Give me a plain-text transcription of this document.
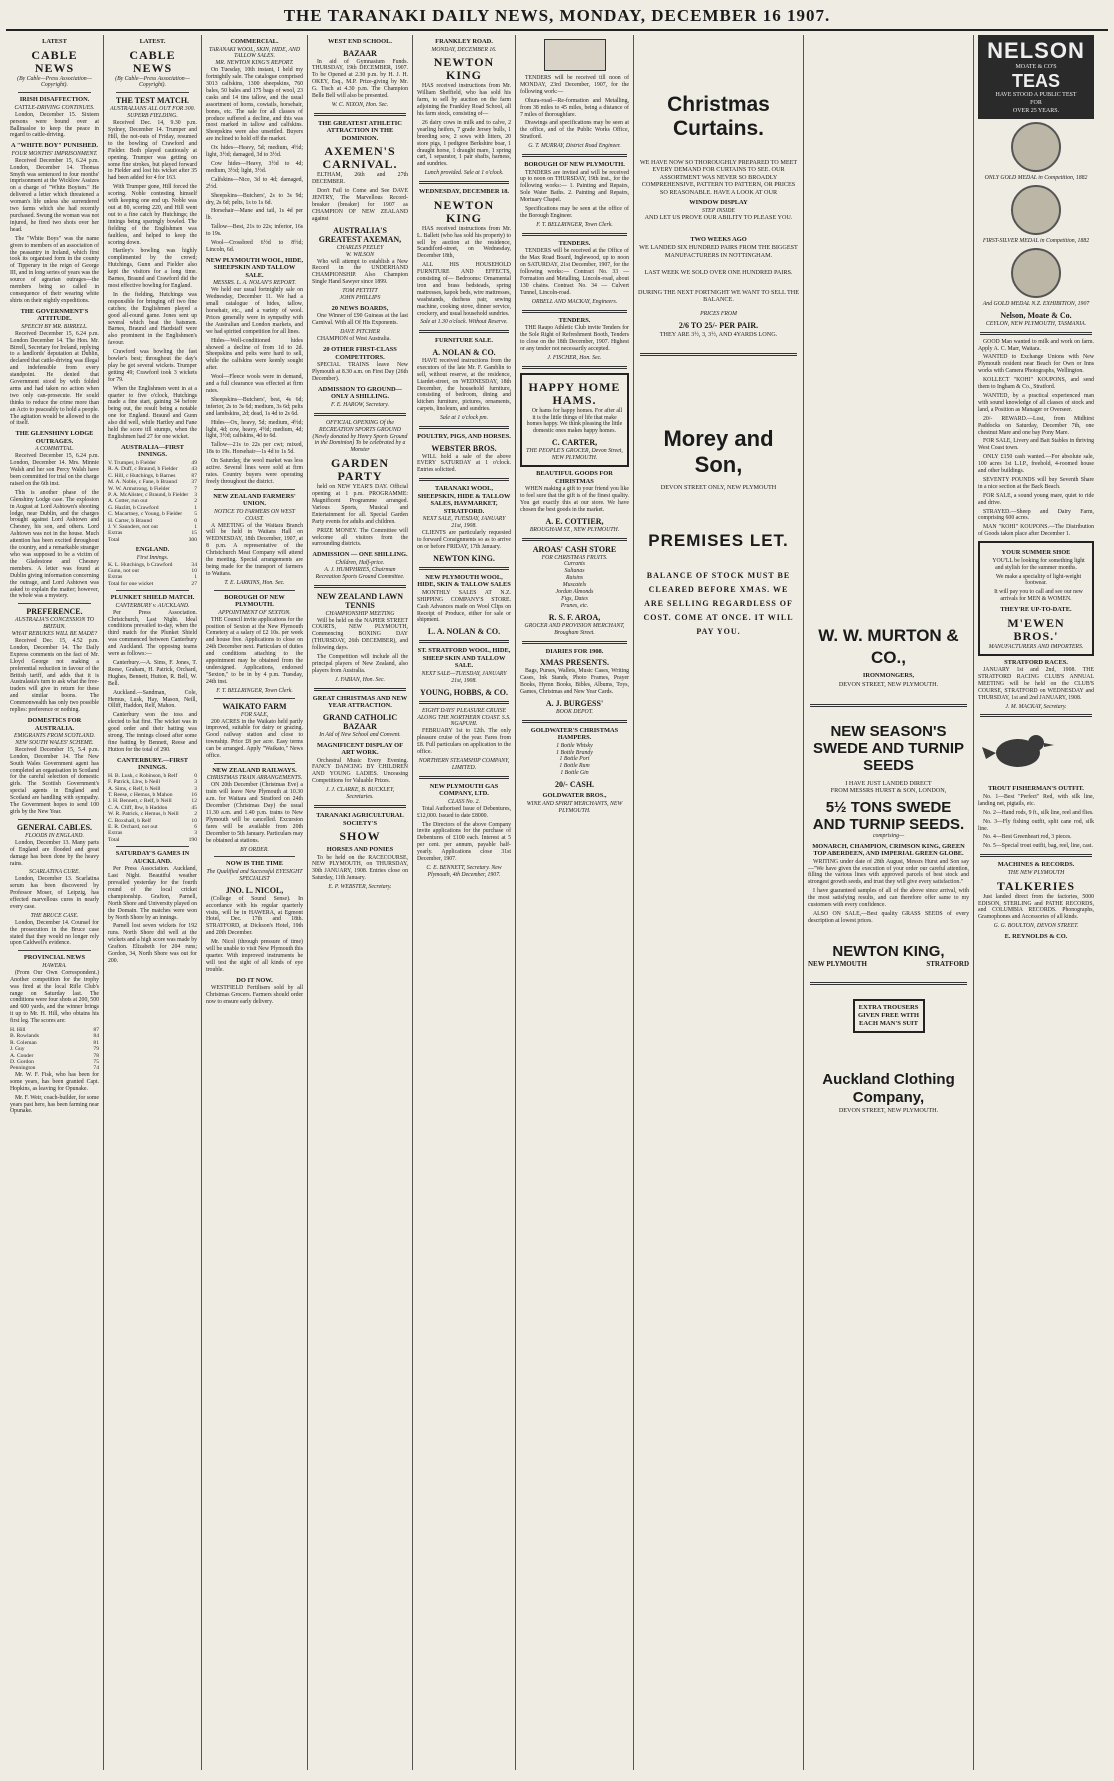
THE TARANAKI DAILY NEWS, MONDAY, DECEMBER 16 1907.
LATEST
CABLE NEWS
(By Cable—Press Association—Copyright).
IRISH DISAFFECTION.
CATTLE-DRIVING CONTINUES.

London, December 15. Sixteen persons were bound over at Ballinasloe to keep the peace in regard to cattle-driving.

A "WHITE BOY" PUNISHED.
FOUR MONTHS' IMPRISONMENT.

Received December 15, 6.24 p.m. London, December 14. Thomas Smyth was sentenced to four months' imprisonment at the Wicklow Assizes on a charge of "White Boyism." He delivered a letter which threatened a woman's life unless she surrendered two farms which she had recently purchased. Swung the woman was not injured, he fired two shots over her head.

The "White Boys" was the name given to members of an association of the peasantry in Ireland, which first took its organised form in the county of Tipperary in the reign of George III, and in long series of years was the source of agrarian outrages—the members being so called in consequence of their wearing white shirts on their nightly expeditions.

THE GOVERNMENT'S ATTITUDE.
SPEECH BY MR. BIRRELL.

Received December 15, 6.24 p.m. London December 14. The Hon. Mr. Birrell, Secretary for Ireland, replying to a landlords' deputation at Dublin, declared that cattle-driving was illegal and indefensible from every standpoint. He denied that Government stood by with folded arms and had taken no action when two only can-prosecute. He sould thinks to reduce the crime more than an Acto to peaceably to hold a people. The agitation would be allowed to die of itself.

THE GLENSHINY LODGE OUTRAGES.
A COMMITTAL.

Received December 15, 6.24 p.m. London, December 14. Mrs. Minnie Walsh and her son Percy Walsh have been committed for trial on the charge raised on the 6th inst.

This is another phase of the Glenshiny Lodge case. The explosion in August at Lord Ashtown's shooting lodge, near Dublin, and the charges brought against Lord Ashtown and Chesney, his son, and others. Lord Ashtown was not in the house. Much attention has been excited throughout the country, and a remarkable stranger who was supposed to be a victim of the Gladestone and Chesney members. A letter was found at Dublin giving information concerning the outrage, and Lord Ashtown was asked to explain the matter; however, the whole was a mystery.

PREFERENCE.
AUSTRALIA'S CONCESSION TO BRITAIN.
WHAT REBUKES WILL BE MADE?

Received Dec. 15, 4.52 p.m. London, December 14. The Daily Express comments on the fact of Mr. Lloyd George not making a preferential reduction in favour of the British tariff, and adds that it is Australasia's turn to ask what the free-traders will give in return for these and similar boons. The Commonwealth has only two possible replies: preference or nothing.

DOMESTICS FOR AUSTRALIA.
EMIGRANTS FROM SCOTLAND.
NEW SOUTH WALES' SCHEME.

Received December 15, 5.4 p.m. London, December 14. The New South Wales Government agent has completed an organisation in Scotland for the careful selection of domestic girls. The Scottish Government's special agents in England and Scotland are handling with sympathy. The Government hopes to send 100 girls by the New Year.

GENERAL CABLES.
FLOODS IN ENGLAND.

London, December 13. Many parts of England are flooded and great damage has been done by the heavy rains.

SCARLATINA CURE.

London, December 13. Scarlatina serum has been discovered by Professor Moser, of Leipzig, has effected marvellous cures in nearly every case.

THE BRUCE CASE.

London, December 14. Counsel for the prosecution in the Bruce case stated that they would no longer rely upon Caldwell's evidence.

PROVINCIAL NEWS
HAWERA.

(From Our Own Correspondent.) Another competition for the trophy was fired at the local Rifle Club's range on Saturday last. The conditions were four shots at 200, 500 and 600 yards, and the winner brings it up to Mr. H. Hill, who obtains his first leg. The scores are:

H. Hill	87
B. Rowlands	84
R. Coleman	81
J. Guy	79
A. Conder	78
D. Gordon	75
Pennington	74

Mr. W. F. Fisk, who has been for some years, has been granted Capt. Hopkins, as leaving for Opunake.

Mr. F. Weir, coach-builder, for some years past here, has been farming near Opunake.

LATEST.
CABLE NEWS
(By Cable—Press Association—Copyright).
THE TEST MATCH.
AUSTRALIANS ALL OUT FOR 300.
SUPERB FIELDING.

Received Dec. 14, 9.30 p.m. Sydney, December 14. Trumper and Hill, the not-outs of Friday, resumed to the bowling of Crawford and Fielder. Both played cautiously at opening. Trumper was getting on some fine strokes, but played forward to Fielder and lost his wicket after 35 had been added for 4 for 163.

With Trumper gone, Hill forced the scoring. Noble contesting himself with keeping one end up. Noble was out at 80, scoring 220, and Hill went out to a fine catch by Hutchings; the innings being sparingly bowled. The fielding of the Englishmen was faultless, and helped to keep the scoring down.

Hartley's bowling was highly complimented by the crowd; Hutchings, Gunn and Fielder also kept the visitors for a long time. Barnes, Braund and Crawford did the most effective bowling for England.

In the fielding, Hutchings was responsible for bringing off two fine catches; the Englishmen played a good all-round game. Jones sent up several which beat the batsmen. Barnes, Braund and Hardstaff were also prominent in the Englishmen's favour.

Crawford was bowling the fast bowler's best; throughout the day's play he got several wickets. Trumper getting 49; Crawford took 3 wickets for 79.

When the Englishmen went in at a quarter to five o'clock, Hutchings made a fine start, gaining 34 before being out, the result being a notable one for England. Braund and Gunn also did well, while Hartley and Fane held the score till stumps, when the Englishmen had 27 for one wicket.

AUSTRALIA—FIRST INNINGS.
V. Trumper, b Fielder	49
R. A. Duff, c Braund, b Fielder	43
C. Hill, c Hutchings, b Barnes	87
M. A. Noble, c Fane, b Braund	37
W. W. Armstrong, b Fielder	7
P. A. McAlister, c Braund, b Fielder	3
A. Cotter, run out	2
G. Hazlitt, b Crawford	1
C. Macartney, c Young, b Fielder	5
H. Carter, b Braund	0
J. V. Saunders, not out	1
Extras	15
Total	300
ENGLAND.
First Innings.
K. L. Hutchings, b Crawford	34
Gunn, not out	10
Extras	1
Total for one wicket	27
PLUNKET SHIELD MATCH.
CANTERBURY v. AUCKLAND.

Per Press Association. Christchurch, Last Night. Ideal conditions prevailed to-day, when the third match for the Plunket Shield was commenced between Canterbury and Auckland. The opposing teams were as follows:—

Canterbury.—A. Sims, F. Jones, T. Reese, Graham, H. Patrick, Orchard, Hughes, Bennett, Hutton, R. Bell, W. Bell.

Auckland.—Sandman, Cole, Hemus, Lusk, Hay, Mason, Neill, Olliff, Haddon, Relf, Mahon.

Canterbury won the toss and elected to bat first. The wicket was in good order and their batting was strong. The innings closed after some fine batting by Bennett, Reese and Hutton for the total of 290.

CANTERBURY.—FIRST INNINGS.
H. B. Lusk, c Robinson, b Relf	0
F. Patrick, Lbw, b Neill	3
A. Sims, c Relf, b Neill	3
T. Reese, c Hemus, b Mahon	16
J. H. Bennett, c Relf, b Neill	12
C. A. Cliff, Ibw, b Haddon	45
W. R. Patrick, c Hemus, b Neill	2
C. Boxshall, b Relf	10
E. R. Orchard, not out	6
Extras	3
Total	190
SATURDAY'S GAMES IN AUCKLAND.

Per Press Association. Auckland, Last Night. Beautiful weather prevailed yesterday for the fourth round of the local cricket championship. Grafton, Parnell, North Shore and University played on the Domain. The matches were won by North Shore by an innings.

Parnell lost seven wickets for 192 runs. North Shore did well at the wickets and a high score was made by Grafton. Elizabeth for 204 runs; Gordon, 34, North Shore was out for 200.

COMMERCIAL.
TARANAKI WOOL, SKIN, HIDE, AND TALLOW SALES.
MR. NEWTON KING'S REPORT.

On Tuesday, 10th instant, I held my fortnightly sale. The catalogue comprised 3013 calfskins, 1300 sheepskins, 760 bales, 50 bales and 175 bags of wool, 23 casks and 14 tins tallow, and the usual assortment of horns, cowtails, horsehair, bones, etc. The sale for all classes of produce suffered a decline, and this was most marked in tallow and calfskins. Sheepskins were also unsettled. Buyers are inclined to hold off the market.

Ox hides—Heavy, 5d; medium, 4½d; light, 3½d; damaged, 3d to 3½d.

Cow hides—Heavy, 3½d to 4d; medium, 3½d; light, 3½d.

Calfskins—Nice, 3d to 4d; damaged, 2½d.

Sheepskins—Butchers', 2s to 3s 9d; dry, 2s 6d; pelts, 1s to 1s 6d.

Horsehair—Mane and tail, 1s 4d per lb.

Tallow—Best, 21s to 22s; inferior, 16s to 19s.

Wool—Crossbred 6½d to 8½d; Lincoln, 6d.

NEW PLYMOUTH WOOL, HIDE, SHEEPSKIN AND TALLOW SALE.
MESSRS. L. A. NOLAN'S REPORT.

We held our usual fortnightly sale on Wednesday, December 11. We had a small catalogue of hides, tallow, horsehair, etc., and a variety of wool. Prices generally were in sympathy with the Australian and London markets, and we had spirited competition for all lines.

Hides—Well-conditioned hides showed a decline of from 1d to 2d. Sheepskins and pelts were hard to sell, while the calfskins were keenly sought after.

Wool—Fleece wools were in demand, and a full clearance was effected at firm rates.

Sheepskins—Butchers', best, 4s 6d; inferior, 2s to 3s 6d; medium, 3s 6d; pelts and lambskins, 2d; dead, 1s 4d to 2s 6d.

Hides—Ox, heavy, 5d; medium, 4½d; light, 4d; cow, heavy, 4½d; medium, 4d; light, 3½d; calfskins, 4d to 6d.

Tallow—21s to 22s per cwt; mixed, 18s to 19s. Horsehair—1s 4d to 1s 5d.

On Saturday, the wool market was less active. Several lines were sold at firm rates. Country buyers were operating freely throughout the district.

NEW ZEALAND FARMERS' UNION.
NOTICE TO FARMERS ON WEST COAST.

A MEETING of the Waitara Branch will be held in Waitara Hall on WEDNESDAY, 18th December, 1907, at 8 p.m. A representative of the Christchurch Meat Company will attend the meeting. Special arrangements are being made for the transport of farmers to Waitara.

T. E. LARKINS, Hon. Sec.
BOROUGH OF NEW PLYMOUTH.
APPOINTMENT OF SEXTON.

THE Council invite applications for the position of Sexton at the New Plymouth Cemetery at a salary of £2 10s. per week and house free. Applications to close on 24th December next. Particulars of duties and conditions attaching to the appointment may be obtained from the undersigned. Applications, endorsed "Sexton," to be in by 4 p.m. Tuesday, 24th inst.

F. T. BELLRINGER, Town Clerk.
WAIKATO FARM
FOR SALE,

200 ACRES in the Waikato held partly improved, suitable for dairy or grazing. Good railway station and close to township. Price £8 per acre. Easy terms can be arranged. Apply "Waikato," News office.

NEW ZEALAND RAILWAYS.
CHRISTMAS TRAIN ARRANGEMENTS.

ON 20th December (Christmas Eve) a train will leave New Plymouth at 10.30 a.m. for Waitara and Stratford on 24th December (Christmas Day) the usual 11.30 a.m. and 1.40 p.m. trains to New Plymouth will be cancelled. Excursion fares will be available from 20th December to 5th January. Particulars may be obtained at stations.

BY ORDER.
NOW IS THE TIME
The Qualified and Successful EYESIGHT SPECIALIST
JNO. L. NICOL,

(College of Sound Sense). In accordance with his regular quarterly visits, will be in HAWERA, at Egmont Hotel, Dec. 17th and 18th. STRATFORD, at Dickson's Hotel, 19th and 20th December.

Mr. Nicol (through pressure of time) will be unable to visit New Plymouth this quarter. With improved instruments he will test the sight of all kinds of eye trouble.

DO IT NOW.

WESTFIELD Fertilisers sold by all Christmas Grocers. Farmers should order now to ensure early delivery.

WEST END SCHOOL.
BAZAAR

In aid of Gymnasium Funds. THURSDAY, 19th DECEMBER, 1907. To be Opened at 2.30 p.m. by H. J. H. OKEY, Esq., M.P. Prize-giving by Mr. G. Tisch at 4.30 p.m. The Champion Belle Bell will also be presented.

W. C. NIXON, Hon. Sec.
THE GREATEST ATHLETIC ATTRACTION IN THE DOMINION.
AXEMEN'S CARNIVAL.

ELTHAM, 26th and 27th DECEMBER.

Don't Fail to Come and See DAVE JENTRY, The Marvellous Record-breaker (breaker) for 1907 as CHAMPION OF NEW ZEALAND against

AUSTRALIA'S GREATEST AXEMAN,
CHARLES PEELEY
W. WILSON

Who will attempt to establish a New Record in the UNDERHAND CHAMPIONSHIP. Also Champion Single Hand Sawyer since 1899.

TOM PETTITT
JOHN PHILLIPS
20 NEWS BOARDS,

One Winner of £90 Guineas at the last Carnival. With all Of His Exponents.

DAVE PITCHER

CHAMPION of West Australia.

20 OTHER FIRST-CLASS COMPETITORS.

SPECIAL TRAINS leave New Plymouth at 8.30 a.m. on First Day (26th December).

ADMISSION TO GROUND—ONLY A SHILLING.
F. E. HAROW, Secretary.
OFFICIAL OPENING Of the RECREATION SPORTS GROUND (Newly donated by Henry Sports Ground in the Dominion) To be celebrated by a Monster
GARDEN PARTY

held on NEW YEAR'S DAY. Official opening at 1 p.m. PROGRAMME: Magnificent Programme arranged. Various Sports, Musical and Entertainment for all. Special Garden Party events for adults and children.

PRIZE MONEY. The Committee will welcome all visitors from the surrounding districts.

ADMISSION — ONE SHILLING.
Children, Half-price.
A. J. HUMPHRIES, Chairman Recreation Sports Ground Committee.
NEW ZEALAND LAWN TENNIS
CHAMPIONSHIP MEETING

Will be held on the NAPIER STREET COURTS, NEW PLYMOUTH, Commencing BOXING DAY (THURSDAY, 26th DECEMBER), and following days.

The Competition will include all the principal players of New Zealand, also players from Australia.

J. FABIAN, Hon. Sec.
GREAT CHRISTMAS AND NEW YEAR ATTRACTION.
GRAND CATHOLIC BAZAAR
In Aid of New School and Convent.
MAGNIFICENT DISPLAY OF ART WORK.

Orchestral Music Every Evening. FANCY DANCING BY CHILDREN AND YOUNG LADIES. Unceasing Competitions for Valuable Prizes.

J. J. CLARKE, B. BUCKLEY, Secretaries.
TARANAKI AGRICULTURAL SOCIETY'S
SHOW
HORSES AND PONIES

To be held on the RACECOURSE, NEW PLYMOUTH, on THURSDAY, 30th JANUARY, 1908. Entries close on Saturday, 11th January.

E. P. WEBSTER, Secretary.
FRANKLEY ROAD.
MONDAY, DECEMBER 16.
NEWTON KING

HAS received instructions from Mr. William Sheffield, who has sold his farm, to sell by auction on the farm adjoining the Frankley Road School, all his farm stock, consisting of—

26 dairy cows in milk and to calve, 2 yearling heifers, 7 grade Jersey bulls, 1 breeding sow, 2 sows with litters, 20 store pigs, 1 pedigree Berkshire boar, 1 draught horse, 1 draught mare, 1 spring cart, 1 separator, 1 pair shafts, harness, and sundries.

Lunch provided. Sale at 1 o'clock.
WEDNESDAY, DECEMBER 18.
NEWTON KING

HAS received instructions from Mr. L. Ballett (who has sold his property) to sell by auction at the residence, Scandiford-street, on Wednesday, December 18th,

ALL HIS HOUSEHOLD FURNITURE AND EFFECTS, consisting of— Bedrooms: Ornamental iron and brass bedsteads, spring mattresses, kapok beds, wire mattresses, washstands, duchess pair, sewing machine, cooking stove, dinner service, crockery, and usual household sundries.

Sale at 1.30 o'clock. Without Reserve.
FURNITURE SALE.
A. NOLAN & CO.

HAVE received instructions from the executors of the late Mr. F. Gamblin to sell, without reserve, at the residence, Liardet-street, on WEDNESDAY, 18th December, the household furniture, consisting of bedroom, dining and kitchen furniture, pictures, ornaments, carpets, linoleum, and sundries.

Sale at 1 o'clock pm.
POULTRY, PIGS, AND HORSES.
WEBSTER BROS.

WILL hold a sale of the above EVERY SATURDAY at 1 o'clock. Entries solicited.

TARANAKI WOOL, SHEEPSKIN, HIDE & TALLOW SALES, HAYMARKET, STRATFORD.
NEXT SALE, TUESDAY, JANUARY 21st, 1908.

CLIENTS are particularly requested to forward Consignments so as to arrive on or before FRIDAY, 17th January.

NEWTON KING.
NEW PLYMOUTH WOOL, HIDE, SKIN & TALLOW SALES

MONTHLY SALES AT N.Z. SHIPPING COMPANY'S STORE. Cash Advances made on Wool Clips on Receipt of Produce, either for sale or shipment.

L. A. NOLAN & CO.
ST. STRATFORD WOOL, HIDE, SHEEP SKIN AND TALLOW SALE.
NEXT SALE—TUESDAY, JANUARY 21st, 1908.
YOUNG, HOBBS, & CO.
EIGHT DAYS' PLEASURE CRUISE ALONG THE NORTHERN COAST. S.S. NGAPUHI.

FEBRUARY 1st to 12th. The only pleasure cruise of the year. Fares from £8. Full particulars on application to the office.

NORTHERN STEAMSHIP COMPANY, LIMITED.
NEW PLYMOUTH GAS COMPANY, LTD.
CLASS No. 2.

Total Authorised Issue of Debentures, £12,000. Issued to date £8000.

The Directors of the above Company invite applications for the purchase of Debentures of £100 each. Interest at 5 per cent. per annum, payable half-yearly. Applications close 31st December, 1907.

C. E. BENNETT, Secretary. New Plymouth, 4th December, 1907.

TENDERS will be received till noon of MONDAY, 23rd December, 1907, for the following work:—

Ohura-road—Re-formation and Metalling, from 38 miles to 45 miles, being a distance of 7 miles of thoroughfare.

Drawings and specifications may be seen at the office, and of the Public Works Office, Stratford.

G. T. MURRAY, District Road Engineer.
BOROUGH OF NEW PLYMOUTH.

TENDERS are invited and will be received up to noon on THURSDAY, 19th inst., for the following works:— 1. Painting and Repairs, Sole Water Baths. 2. Painting and Repairs, Mortuary Chapel.

Specifications may be seen at the office of the Borough Engineer.

F. T. BELLRINGER, Town Clerk.
TENDERS.

TENDERS will be received at the Office of the Max Road Board, Inglewood, up to noon on SATURDAY, 21st December, 1907, for the following works:— Contract No. 33 — Formation and Metalling, Lincoln-road, about 130 chains. Contract No. 34 — Culvert Tunnel, Lincoln-road.

ORBELL AND MACKAY, Engineers.
TENDERS.

THE Raupo Athletic Club invite Tenders for the Sole Right of Refreshment Booth, Tenders to close on the 18th December, 1907. Highest or any tender not necessarily accepted.

J. FISCHER, Hon. Sec.
HAPPY HOME HAMS.

Or hams for happy homes. For after all it is the little things of life that make homes happy. We think pleasing the little domestic ones makes happy homes.

C. CARTER,
THE PEOPLE'S GROCER, Devon Street, NEW PLYMOUTH.
BEAUTIFUL GOODS FOR CHRISTMAS

WHEN making a gift to your friend you like to feel sure that the gift is of the finest quality. You get exactly this at our store. We have chosen the best goods in the market.

A. E. COTTIER,
BROUGHAM ST., NEW PLYMOUTH.
AROAS' CASH STORE
FOR CHRISTMAS FRUITS.
Currants
Sultanas
Raisins
Muscatels
Jordan Almonds
Figs, Dates
Prunes, etc.
R. S. F. AROA,
GROCER AND PROVISION MERCHANT, Brougham Street.
DIARIES FOR 1908.
XMAS PRESENTS.

Bags, Purses, Wallets, Music Cases, Writing Cases, Ink Stands, Photo Frames, Prayer Books, Hymn Books, Bibles, Albums, Toys, Games, Christmas and New Year Cards.

A. J. BURGESS'
BOOK DEPOT.
GOLDWATER'S CHRISTMAS HAMPERS.
1 Bottle Whisky
1 Bottle Brandy
1 Bottle Port
1 Bottle Rum
1 Bottle Gin
20/- CASH.
GOLDWATER BROS.,
WINE AND SPIRIT MERCHANTS, NEW PLYMOUTH.
Christmas Curtains.
WE HAVE NOW SO THOROUGHLY PREPARED TO MEET EVERY DEMAND FOR CURTAINS TO SEE. OUR ASSORTMENT WAS NEVER SO BROADLY COMPREHENSIVE, PATTERN TO PATTERN, OR PRICES SO REASONABLE. HAVE A LOOK AT OUR
WINDOW DISPLAY
STEP INSIDE
AND LET US PROVE OUR ABILITY TO PLEASE YOU.
TWO WEEKS AGO
WE LANDED SIX HUNDRED PAIRS FROM THE BIGGEST MANUFACTURERS IN NOTTINGHAM.
LAST WEEK WE SOLD OVER ONE HUNDRED PAIRS.
DURING THE NEXT FORTNIGHT WE WANT TO SELL THE BALANCE.
PRICES FROM
2/6 TO 25/- PER PAIR.
THEY ARE 3½, 3, 3½, AND 4YARDS LONG.
Morey and Son,
DEVON STREET ONLY, NEW PLYMOUTH
PREMISES LET.
BALANCE OF STOCK MUST BE CLEARED BEFORE XMAS. WE ARE SELLING REGARDLESS OF COST. COME AT ONCE. IT WILL PAY YOU.	W. W. MURTON & CO.,
IRONMONGERS,
DEVON STREET, NEW PLYMOUTH.
NEW SEASON'S SWEDE AND TURNIP SEEDS
I HAVE JUST LANDED DIRECT
FROM MESSRS HURST & SON, LONDON,
5½ TONS SWEDE AND TURNIP SEEDS.
comprising—
MONARCH, CHAMPION, CRIMSON KING, GREEN TOP ABERDEEN, AND IMPERIAL GREEN GLOBE.

WRITING under date of 28th August, Messrs Hurst and Son say—"We have given the execution of your order our careful attention, filling the various lines with approved parcels of best stock and strongest growth seeds, and trust they will give every satisfaction."

I have guaranteed samples of all of the above since arrival, with the most satisfying results, and can therefore offer same to my customers with every confidence.

ALSO ON SALE,—Best quality GRASS SEEDS of every description at lowest prices.

NEWTON KING,
NEW PLYMOUTH	STRATFORD
EXTRA TROUSERS GIVEN FREE WITH EACH MAN'S SUIT
Auckland Clothing Company,
DEVON STREET, NEW PLYMOUTH.
NELSON
MOATE & CO'S
TEAS
HAVE STOOD A PUBLIC TEST
FOR
OVER 25 YEARS.
ONLY GOLD MEDAL in Competition, 1882
FIRST-SILVER MEDAL in Competition, 1882
And GOLD MEDAL N.Z. EXHIBITION, 1907
Nelson, Moate & Co.
CEYLON, NEW PLYMOUTH, TASMANIA.

GOOD Man wanted to milk and work on farm. Apply A. C. Marr, Waitara.

WANTED to Exchange Unions with New Plymouth resident near Beach for Own or Inns works with Camera Photographs, Wellington.

KOLLECT "KOHI" KOUPONS, and send them to Ingham & Co., Stratford.

WANTED, by a practical experienced man with sound knowledge of all classes of stock and land, a Position as Manager or Overseer.

20/- REWARD.—Lost, from Midhirst Paddocks on Saturday, December 7th, one chestnut Mare and one bay Pony Mare.

FOR SALE, Livery and Bait Stables in thriving West Coast town.

ONLY £150 cash wanted.—For absolute sale, 100 acres 1st L.I.P., freehold, 4-roomed house and other buildings.

SEVENTY POUNDS will buy Seventh Share in a nice section at the Back Beach.

FOR SALE, a sound young mare, quiet to ride and drive.

STRAYED.—Sheep and Dairy Farm, comprising 600 acres.

MAN "KOHI" KOUPONS.—The Distribution of Goods taken place after December 1.

YOUR SUMMER SHOE

YOU'LL be looking for something light and stylish for the summer months.

We make a speciality of light-weight footwear.

It will pay you to call and see our new arrivals for MEN & WOMEN.

THEY'RE UP-TO-DATE.
M'EWEN BROS.'
MANUFACTURERS AND IMPORTERS.
STRATFORD RACES.

JANUARY 1st and 2nd, 1908. THE STRATFORD RACING CLUB'S ANNUAL MEETING will be held on the CLUB'S COURSE, STRATFORD on WEDNESDAY and THURSDAY, 1st and 2nd JANUARY, 1908.

J. M. MACKAY, Secretary.
TROUT FISHERMAN'S OUTFIT.

No. 1—Best "Perfect" Red, with silk line, landing net, pigtails, etc.

No. 2—Hand rods, 9 ft., silk line, reel and flies.

No. 3—Fly fishing outfit, split cane rod, silk line.

No. 4—Best Greenheart rod, 3 pieces.

No. 5—Special trout outfit, bag, reel, line, cast.

MACHINES & RECORDS.
THE NEW PLYMOUTH
TALKERIES

Just landed direct from the factories, 5000 EDISON, STERLING and PATHE RECORDS, and COLUMBIA RECORDS. Phonographs, Gramophones and Accessories of all kinds.

G. G. BOULTON, DEVON STREET.
E. REYNOLDS & CO.
